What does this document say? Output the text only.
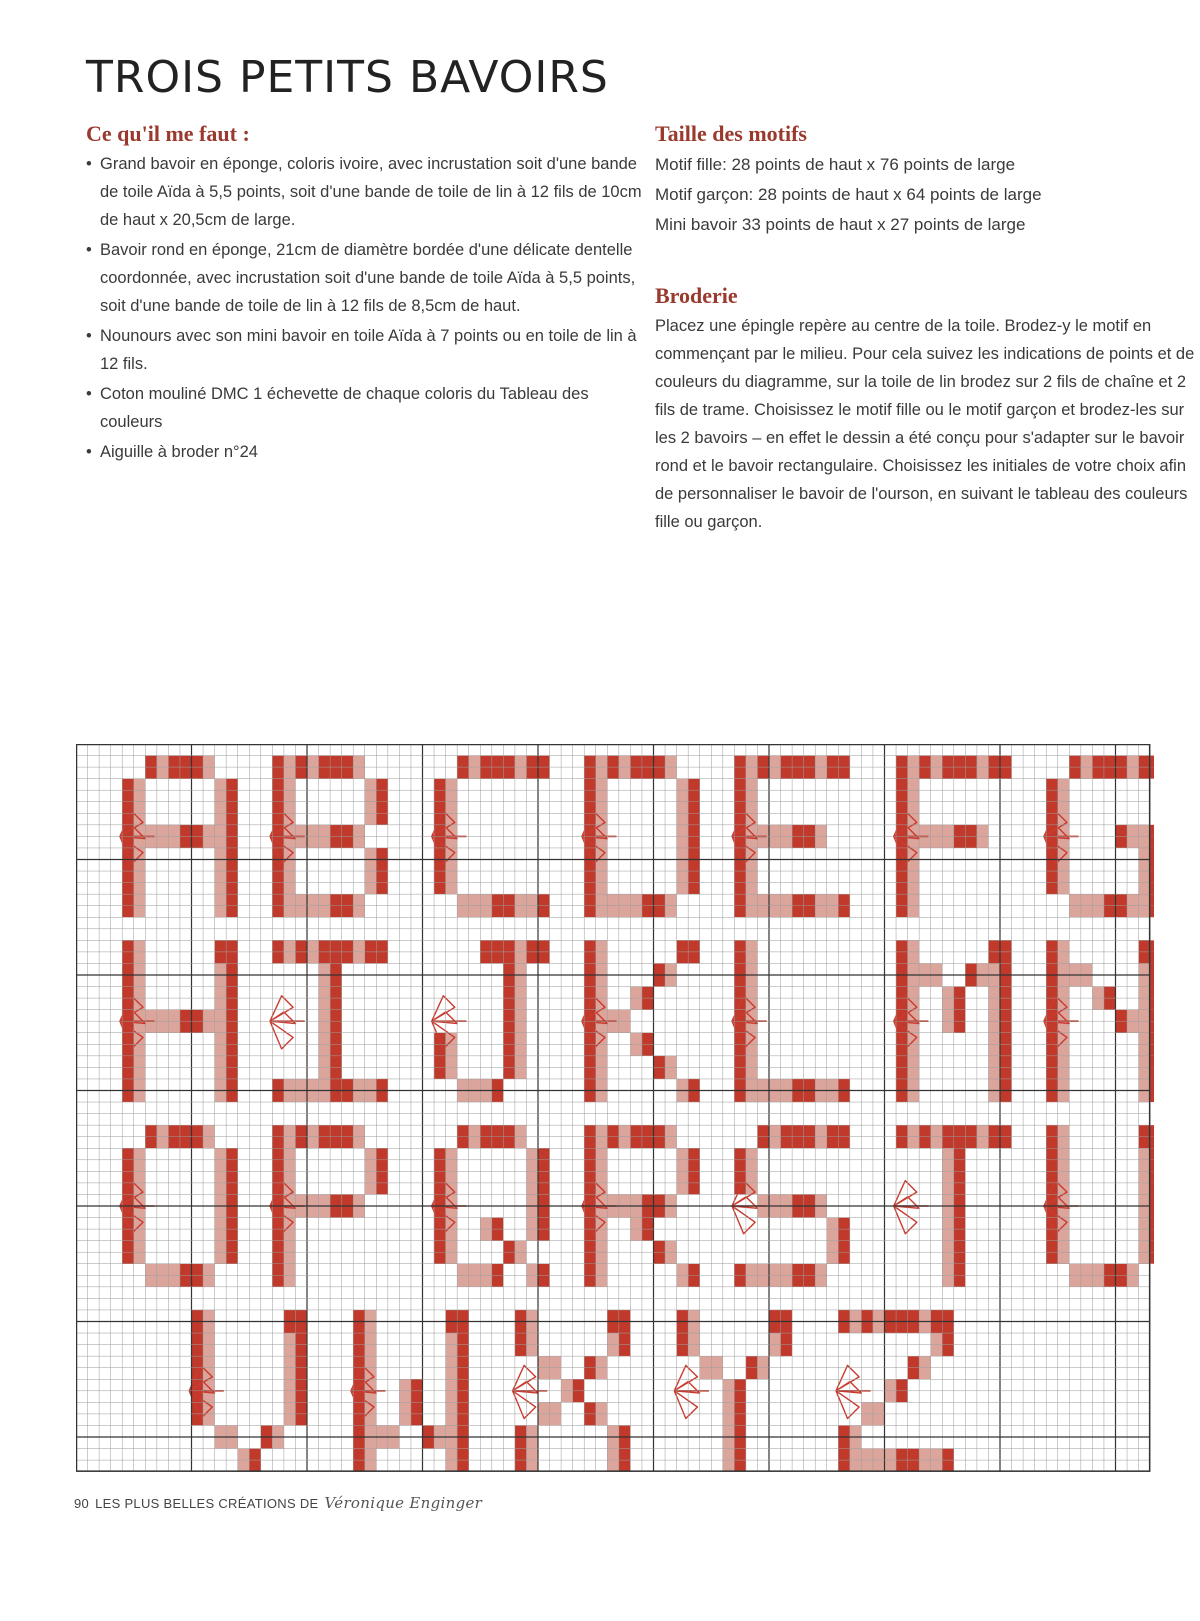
TROIS PETITS BAVOIRS
Ce qu'il me faut :
• Grand bavoir en éponge, coloris ivoire, avec incrustation soit d'une bande de toile Aïda à 5,5 points, soit d'une bande de toile de lin à 12 fils de 10cm de haut x 20,5cm de large.
• Bavoir rond en éponge, 21cm de diamètre bordée d'une délicate dentelle coordonnée, avec incrustation soit d'une bande de toile Aïda à 5,5 points, soit d'une bande de toile de lin à 12 fils de 8,5cm de haut.
• Nounours avec son mini bavoir en toile Aïda à 7 points ou en toile de lin à 12 fils.
• Coton mouliné DMC 1 échevette de chaque coloris du Tableau des couleurs
• Aiguille à broder n°24
Taille des motifs
Motif fille: 28 points de haut x 76 points de large
Motif garçon: 28 points de haut x 64 points de large
Mini bavoir 33 points de haut x 27 points de large
Broderie

Placez une épingle repère au centre de la toile. Brodez-y le motif en commençant par le milieu. Pour cela suivez les indications de points et de couleurs du diagramme, sur la toile de lin brodez sur 2 fils de chaîne et 2 fils de trame. Choisissez le motif fille ou le motif garçon et brodez-les sur les 2 bavoirs – en effet le dessin a été conçu pour s'adapter sur le bavoir rond et le bavoir rectangulaire. Choisissez les initiales de votre choix afin de personnaliser le bavoir de l'ourson, en suivant le tableau des couleurs fille ou garçon.

90 LES PLUS BELLES CRÉATIONS DE Véronique Enginger
